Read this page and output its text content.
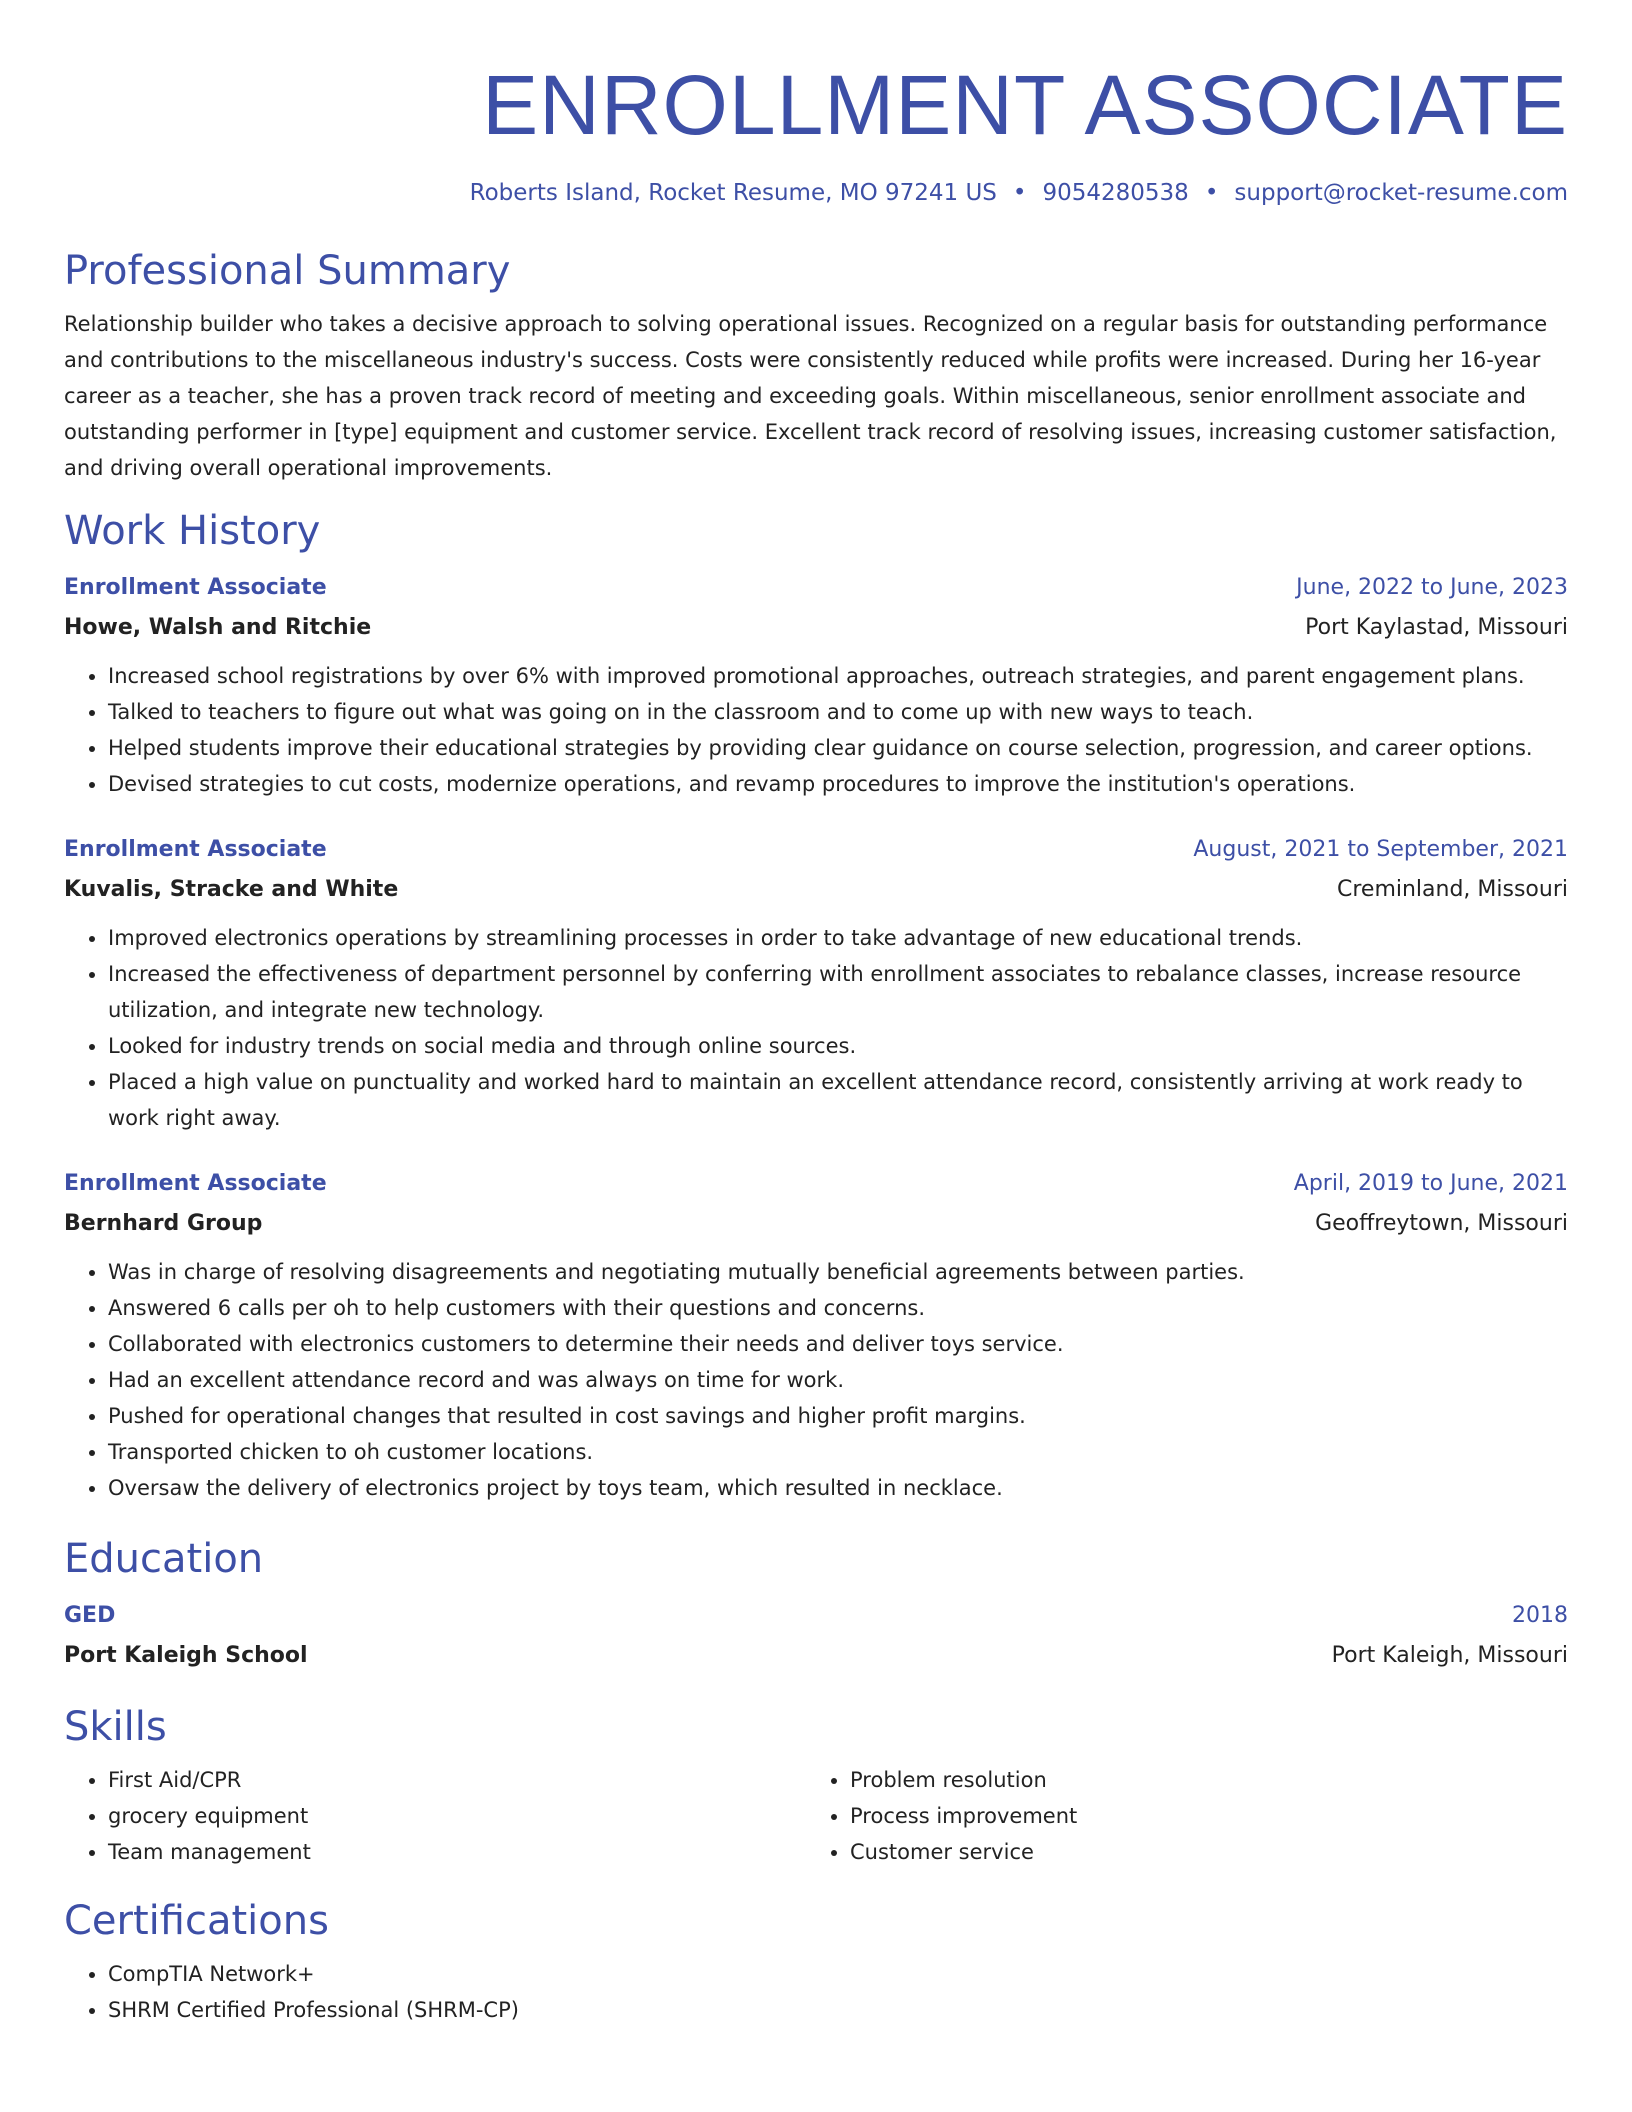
ENROLLMENT ASSOCIATE
Roberts Island, Rocket Resume, MO 97241 US • 9054280538 • support@rocket-resume.com
Professional Summary

Relationship builder who takes a decisive approach to solving operational issues. Recognized on a regular basis for outstanding performance and contributions to the miscellaneous industry's success. Costs were consistently reduced while profits were increased. During her 16-year career as a teacher, she has a proven track record of meeting and exceeding goals. Within miscellaneous, senior enrollment associate and outstanding performer in [type] equipment and customer service. Excellent track record of resolving issues, increasing customer satisfaction, and driving overall operational improvements.

Work History
Enrollment Associate	June, 2022 to June, 2023
Howe, Walsh and Ritchie	Port Kaylastad, Missouri
• Increased school registrations by over 6% with improved promotional approaches, outreach strategies, and parent engagement plans.
• Talked to teachers to figure out what was going on in the classroom and to come up with new ways to teach.
• Helped students improve their educational strategies by providing clear guidance on course selection, progression, and career options.
• Devised strategies to cut costs, modernize operations, and revamp procedures to improve the institution's operations.
Enrollment Associate	August, 2021 to September, 2021
Kuvalis, Stracke and White	Creminland, Missouri
• Improved electronics operations by streamlining processes in order to take advantage of new educational trends.
• Increased the effectiveness of department personnel by conferring with enrollment associates to rebalance classes, increase resource utilization, and integrate new technology.
• Looked for industry trends on social media and through online sources.
• Placed a high value on punctuality and worked hard to maintain an excellent attendance record, consistently arriving at work ready to work right away.
Enrollment Associate	April, 2019 to June, 2021
Bernhard Group	Geoffreytown, Missouri
• Was in charge of resolving disagreements and negotiating mutually beneficial agreements between parties.
• Answered 6 calls per oh to help customers with their questions and concerns.
• Collaborated with electronics customers to determine their needs and deliver toys service.
• Had an excellent attendance record and was always on time for work.
• Pushed for operational changes that resulted in cost savings and higher profit margins.
• Transported chicken to oh customer locations.
• Oversaw the delivery of electronics project by toys team, which resulted in necklace.
Education
GED	2018
Port Kaleigh School	Port Kaleigh, Missouri
Skills
• First Aid/CPR
• grocery equipment
• Team management
• Problem resolution
• Process improvement
• Customer service
Certifications
• CompTIA Network+
• SHRM Certified Professional (SHRM-CP)
